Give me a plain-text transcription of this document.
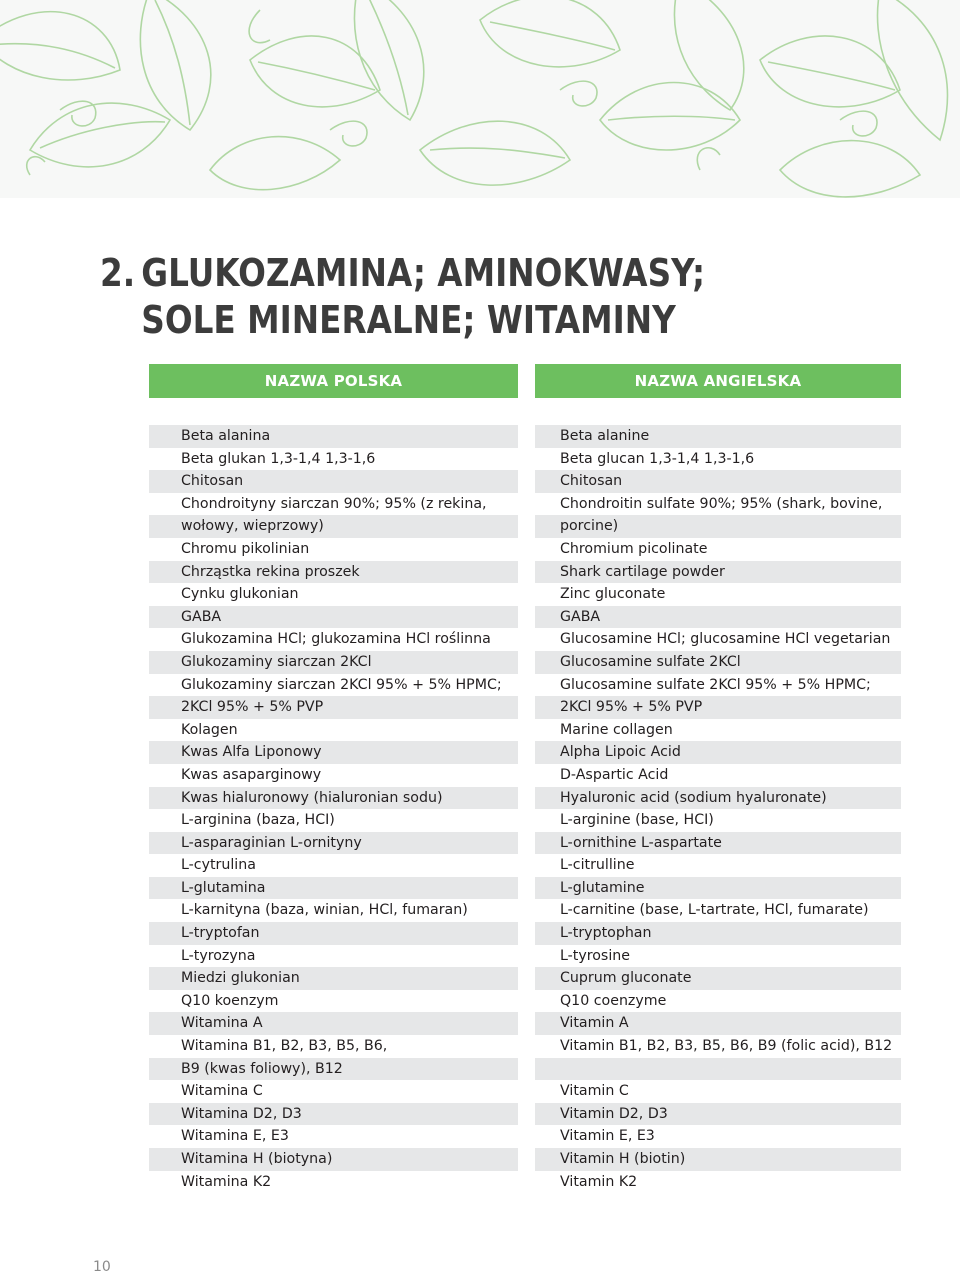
2. GLUKOZAMINA; AMINOKWASY;
SOLE MINERALNE; WITAMINY
NAZWA POLSKA	NAZWA ANGIELSKA
Beta alanina
Beta glukan 1,3-1,4 1,3-1,6
Chitosan
Chondroityny siarczan 90%; 95% (z rekina,
wołowy, wieprzowy)
Chromu pikolinian
Chrząstka rekina proszek
Cynku glukonian
GABA
Glukozamina HCl; glukozamina HCl roślinna
Glukozaminy siarczan 2KCl
Glukozaminy siarczan 2KCl 95% + 5% HPMC;
2KCl 95% + 5% PVP
Kolagen
Kwas Alfa Liponowy
Kwas asaparginowy
Kwas hialuronowy (hialuronian sodu)
L-arginina (baza, HCI)
L-asparaginian L-ornityny
L-cytrulina
L-glutamina
L-karnityna (baza, winian, HCl, fumaran)
L-tryptofan
L-tyrozyna
Miedzi glukonian
Q10 koenzym
Witamina A
Witamina B1, B2, B3, B5, B6,
B9 (kwas foliowy), B12
Witamina C
Witamina D2, D3
Witamina E, E3
Witamina H (biotyna)
Witamina K2
Beta alanine
Beta glucan 1,3-1,4 1,3-1,6
Chitosan
Chondroitin sulfate 90%; 95% (shark, bovine,
porcine)
Chromium picolinate
Shark cartilage powder
Zinc gluconate
GABA
Glucosamine HCl; glucosamine HCl vegetarian
Glucosamine sulfate 2KCl
Glucosamine sulfate 2KCl 95% + 5% HPMC;
2KCl 95% + 5% PVP
Marine collagen
Alpha Lipoic Acid
D-Aspartic Acid
Hyaluronic acid (sodium hyaluronate)
L-arginine (base, HCI)
L-ornithine L-aspartate
L-citrulline
L-glutamine
L-carnitine (base, L-tartrate, HCl, fumarate)
L-tryptophan
L-tyrosine
Cuprum gluconate
Q10 coenzyme
Vitamin A
Vitamin B1, B2, B3, B5, B6, B9 (folic acid), B12
Vitamin C
Vitamin D2, D3
Vitamin E, E3
Vitamin H (biotin)
Vitamin K2
10
